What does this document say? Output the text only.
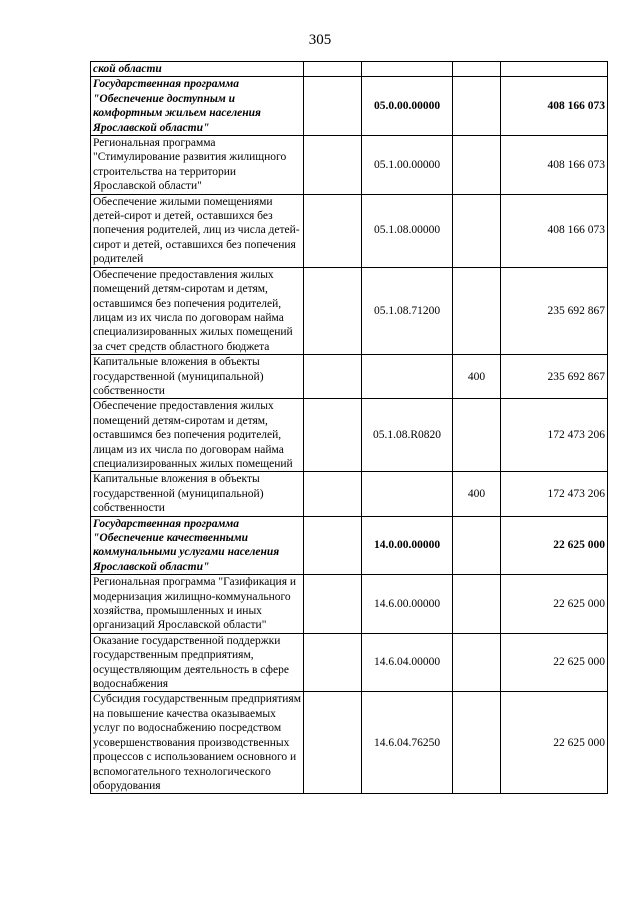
305
ской области				
Государственная программа "Обеспечение доступным и комфортным жильем населения Ярославской области"		05.0.00.00000		408 166 073
Региональная программа "Стимулирование развития жилищного строительства на территории Ярославской области"		05.1.00.00000		408 166 073
Обеспечение жилыми помещениями детей-сирот и детей, оставшихся без попечения родителей, лиц из числа детей-сирот и детей, оставшихся без попечения родителей		05.1.08.00000		408 166 073
Обеспечение предоставления жилых помещений детям-сиротам и детям, оставшимся без попечения родителей, лицам из их числа по договорам найма специализированных жилых помещений за счет средств областного бюджета		05.1.08.71200		235 692 867
Капитальные вложения в объекты государственной (муниципальной) собственности			400	235 692 867
Обеспечение предоставления жилых помещений детям-сиротам и детям, оставшимся без попечения родителей, лицам из их числа по договорам найма специализированных жилых помещений		05.1.08.R0820		172 473 206
Капитальные вложения в объекты государственной (муниципальной) собственности			400	172 473 206
Государственная программа "Обеспечение качественными коммунальными услугами населения Ярославской области"		14.0.00.00000		22 625 000
Региональная программа "Газификация и модернизация жилищно-коммунального хозяйства, промышленных и иных организаций Ярославской области"		14.6.00.00000		22 625 000
Оказание государственной поддержки государственным предприятиям, осуществляющим деятельность в сфере водоснабжения		14.6.04.00000		22 625 000
Субсидия государственным предприятиям на повышение качества оказываемых услуг по водоснабжению посредством усовершенствования производственных процессов с использованием основного и вспомогательного технологического оборудования		14.6.04.76250		22 625 000
